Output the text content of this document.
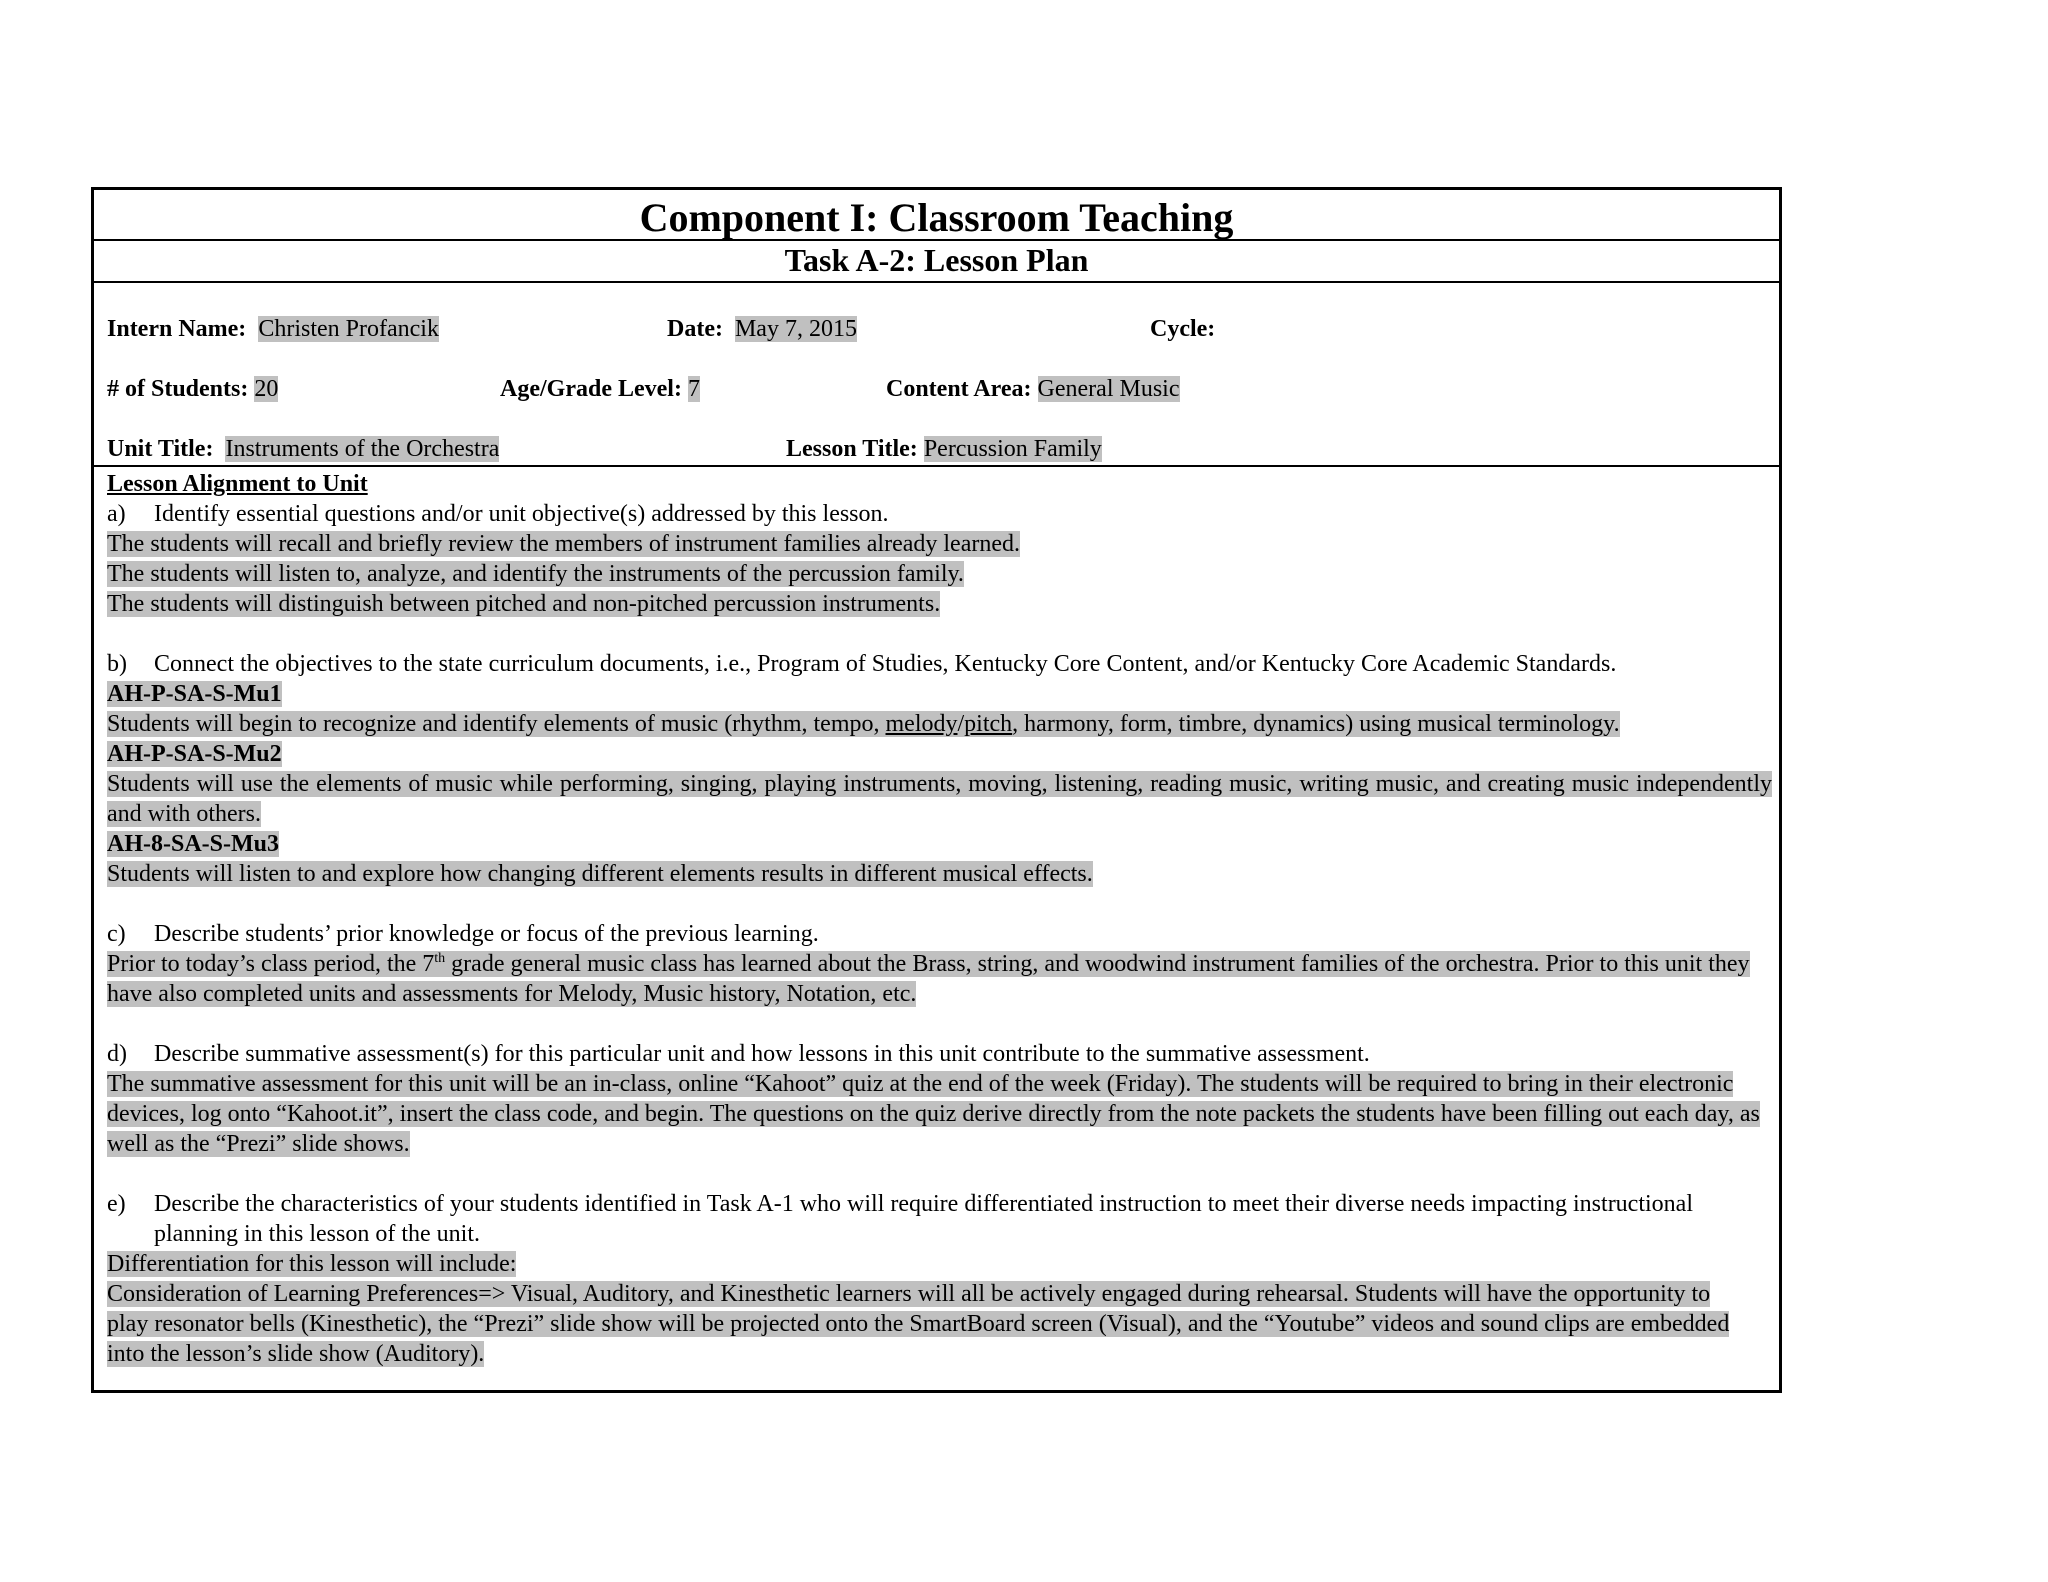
Component I: Classroom Teaching
Task A-2: Lesson Plan
Intern Name: Christen Profancik	Date: May 7, 2015	Cycle:
# of Students: 20	Age/Grade Level: 7	Content Area: General Music
Unit Title: Instruments of the Orchestra	Lesson Title: Percussion Family

Lesson Alignment to Unit

a)	Identify essential questions and/or unit objective(s) addressed by this lesson.

The students will recall and briefly review the members of instrument families already learned.

The students will listen to, analyze, and identify the instruments of the percussion family.

The students will distinguish between pitched and non-pitched percussion instruments.

b)	Connect the objectives to the state curriculum documents, i.e., Program of Studies, Kentucky Core Content, and/or Kentucky Core Academic Standards.

AH-P-SA-S-Mu1

Students will begin to recognize and identify elements of music (rhythm, tempo, melody/pitch, harmony, form, timbre, dynamics) using musical terminology.

AH-P-SA-S-Mu2

Students will use the elements of music while performing, singing, playing instruments, moving, listening, reading music, writing music, and creating music independently and with others.

AH-8-SA-S-Mu3

Students will listen to and explore how changing different elements results in different musical effects.

c)	Describe students’ prior knowledge or focus of the previous learning.

Prior to today’s class period, the 7th grade general music class has learned about the Brass, string, and woodwind instrument families of the orchestra. Prior to this unit they have also completed units and assessments for Melody, Music history, Notation, etc.

d)	Describe summative assessment(s) for this particular unit and how lessons in this unit contribute to the summative assessment.

The summative assessment for this unit will be an in-class, online “Kahoot” quiz at the end of the week (Friday). The students will be required to bring in their electronic devices, log onto “Kahoot.it”, insert the class code, and begin. The questions on the quiz derive directly from the note packets the students have been filling out each day, as well as the “Prezi” slide shows.

e)	Describe the characteristics of your students identified in Task A-1 who will require differentiated instruction to meet their diverse needs impacting instructional planning in this lesson of the unit.

Differentiation for this lesson will include:

Consideration of Learning Preferences=> Visual, Auditory, and Kinesthetic learners will all be actively engaged during rehearsal. Students will have the opportunity to play resonator bells (Kinesthetic), the “Prezi” slide show will be projected onto the SmartBoard screen (Visual), and the “Youtube” videos and sound clips are embedded into the lesson’s slide show (Auditory).
